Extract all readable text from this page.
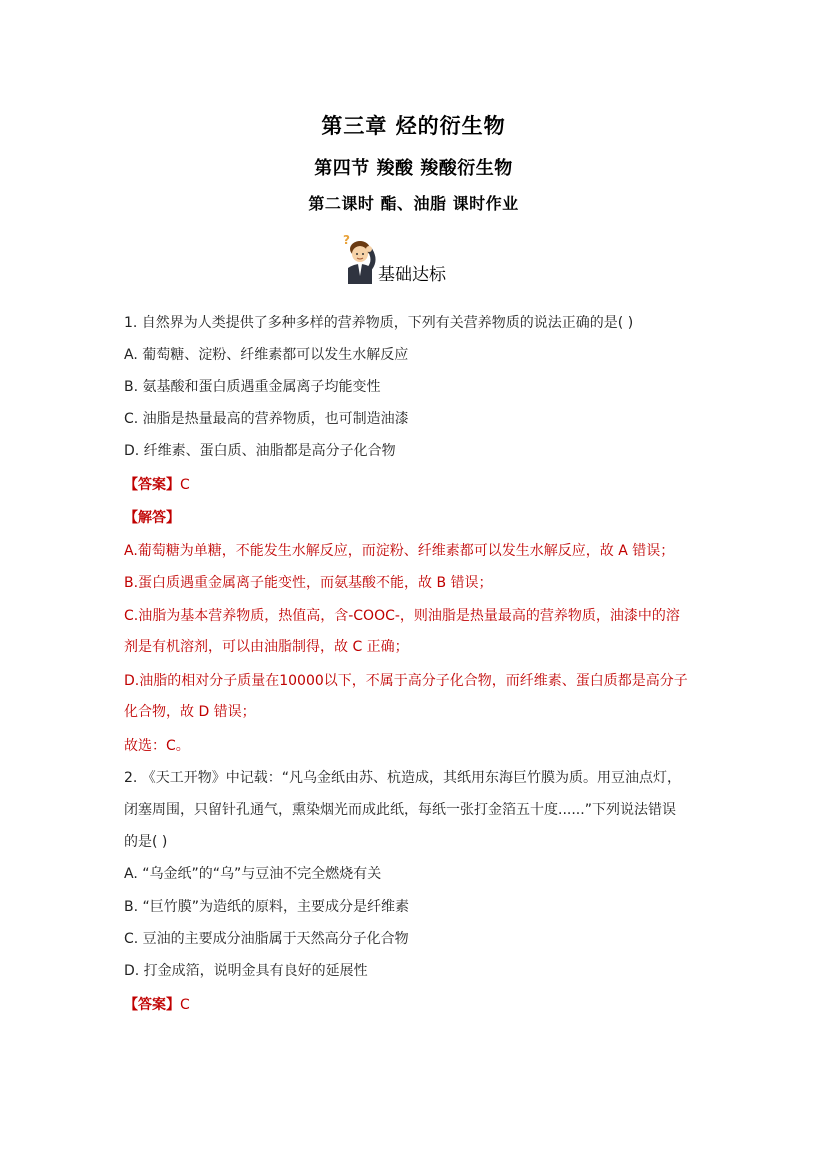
第三章 烃的衍生物
第四节 羧酸 羧酸衍生物
第二课时 酯、油脂 课时作业
?
基础达标
1. 自然界为人类提供了多种多样的营养物质，下列有关营养物质的说法正确的是( )
A. 葡萄糖、淀粉、纤维素都可以发生水解反应
B. 氨基酸和蛋白质遇重金属离子均能变性
C. 油脂是热量最高的营养物质，也可制造油漆
D. 纤维素、蛋白质、油脂都是高分子化合物
【答案】C
【解答】
A.葡萄糖为单糖，不能发生水解反应，而淀粉、纤维素都可以发生水解反应，故 A 错误；
B.蛋白质遇重金属离子能变性，而氨基酸不能，故 B 错误；
C.油脂为基本营养物质，热值高，含-COOC-，则油脂是热量最高的营养物质，油漆中的溶
剂是有机溶剂，可以由油脂制得，故 C 正确；
D.油脂的相对分子质量在10000以下，不属于高分子化合物，而纤维素、蛋白质都是高分子
化合物，故 D 错误；
故选：C。
2. 《天工开物》中记载：“凡乌金纸由苏、杭造成，其纸用东海巨竹膜为质。用豆油点灯，
闭塞周围，只留针孔通气，熏染烟光而成此纸，每纸一张打金箔五十度......”下列说法错误
的是( )
A. “乌金纸”的“乌”与豆油不完全燃烧有关
B. “巨竹膜”为造纸的原料，主要成分是纤维素
C. 豆油的主要成分油脂属于天然高分子化合物
D. 打金成箔，说明金具有良好的延展性
【答案】C
